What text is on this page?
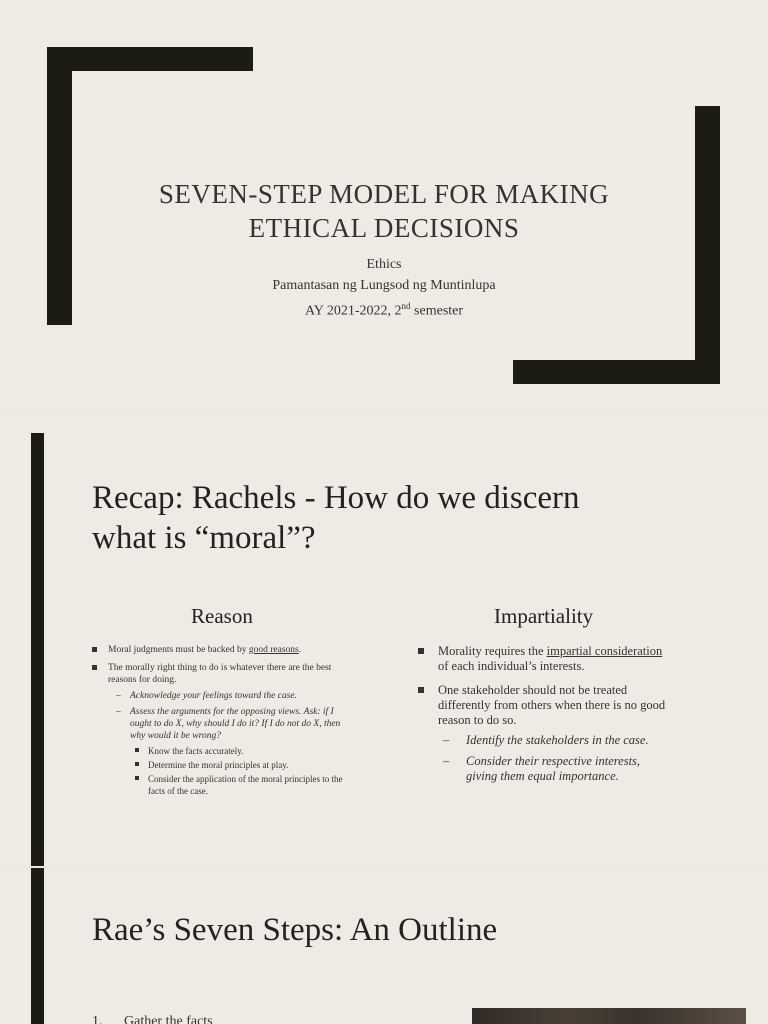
SEVEN-STEP MODEL FOR MAKING
ETHICAL DECISIONS
Ethics
Pamantasan ng Lungsod ng Muntinlupa
AY 2021-2022, 2nd semester
Recap: Rachels - How do we discern
what is “moral”?
Reason	Impartiality
Moral judgments must be backed by good reasons.
The morally right thing to do is whatever there are the best reasons for doing.
– Acknowledge your feelings toward the case.
– Assess the arguments for the opposing views. Ask: if I ought to do X, why should I do it? If I do not do X, then why would it be wrong?
Know the facts accurately.
Determine the moral principles at play.
Consider the application of the moral principles to the facts of the case.
Morality requires the impartial consideration of each individual’s interests.
One stakeholder should not be treated differently from others when there is no good reason to do so.
– Identify the stakeholders in the case.
– Consider their respective interests, giving them equal importance.
Rae’s Seven Steps: An Outline
1. Gather the facts
